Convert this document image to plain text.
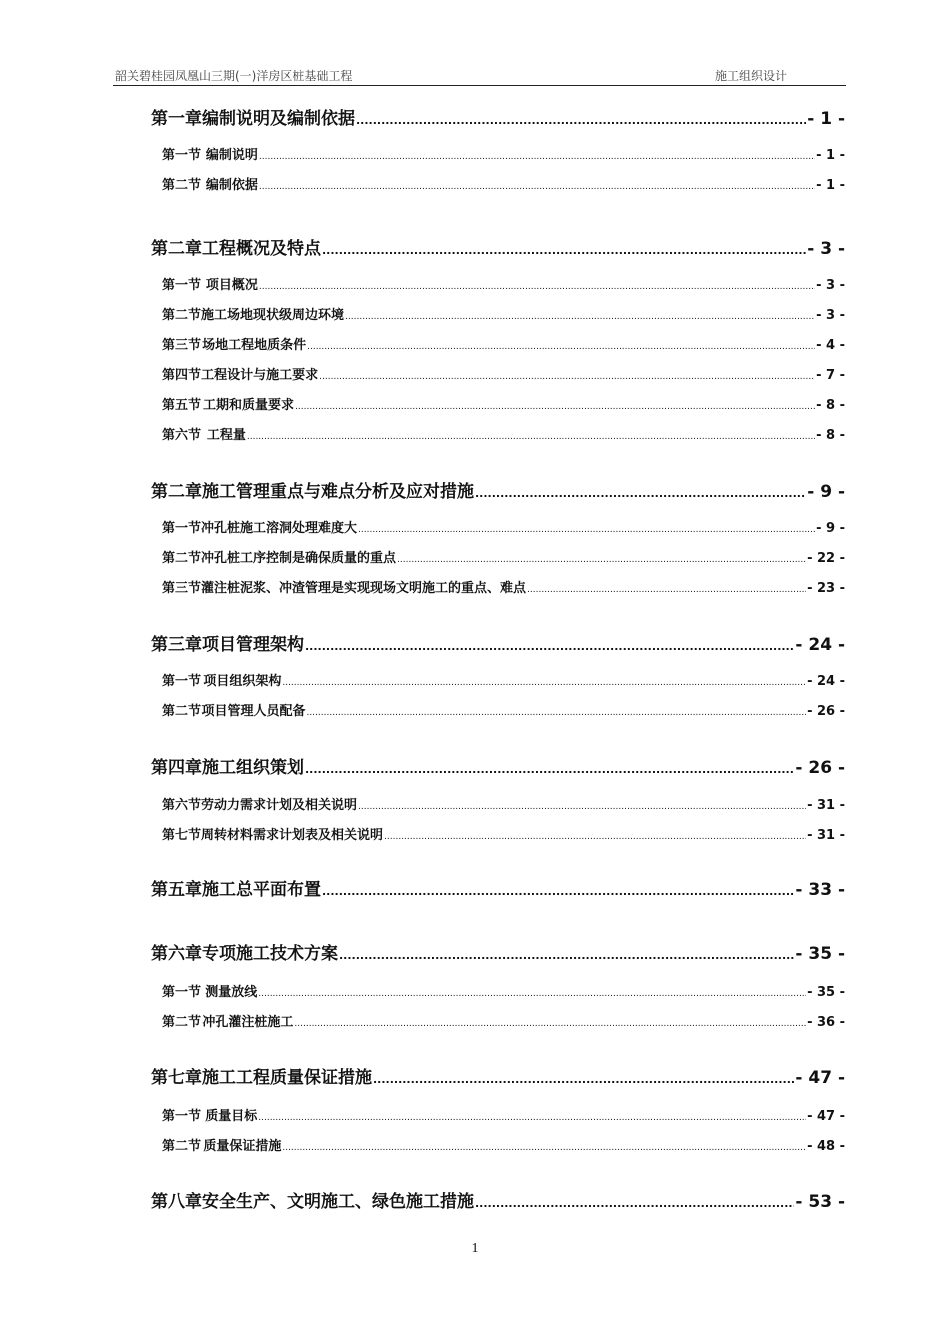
韶关碧桂园凤凰山三期(一)洋房区桩基础工程	施工组织设计
第一章 编制说明及编制依据 .....	- 1 -
第一节 编制说明 .....	- 1 -
第二节 编制依据 .....	- 1 -
第二章 工程概况及特点 .....	- 3 -
第一节 项目概况 .....	- 3 -
第二节 施工场地现状级周边环境 .....	- 3 -
第三节 场地工程地质条件 .....	- 4 -
第四节 工程设计与施工要求 .....	- 7 -
第五节 工期和质量要求 .....	- 8 -
第六节 工程量 .....	- 8 -
第二章 施工管理重点与难点分析及应对措施 .....	- 9 -
第一节 冲孔桩施工溶洞处理难度大 .....	- 9 -
第二节 冲孔桩工序控制是确保质量的重点 .....	- 22 -
第三节 灌注桩泥浆、冲渣管理是实现现场文明施工的重点、难点 .....	- 23 -
第三章 项目管理架构 .....	- 24 -
第一节 项目组织架构 .....	- 24 -
第二节 项目管理人员配备 .....	- 26 -
第四章 施工组织策划 .....	- 26 -
第六节 劳动力需求计划及相关说明 .....	- 31 -
第七节 周转材料需求计划表及相关说明 .....	- 31 -
第五章 施工总平面布置 .....	- 33 -
第六章 专项施工技术方案 .....	- 35 -
第一节 测量放线 .....	- 35 -
第二节 冲孔灌注桩施工 .....	- 36 -
第七章 施工工程质量保证措施 .....	- 47 -
第一节 质量目标 .....	- 47 -
第二节 质量保证措施 .....	- 48 -
第八章 安全生产、文明施工、绿色施工措施 .....	- 53 -
1
